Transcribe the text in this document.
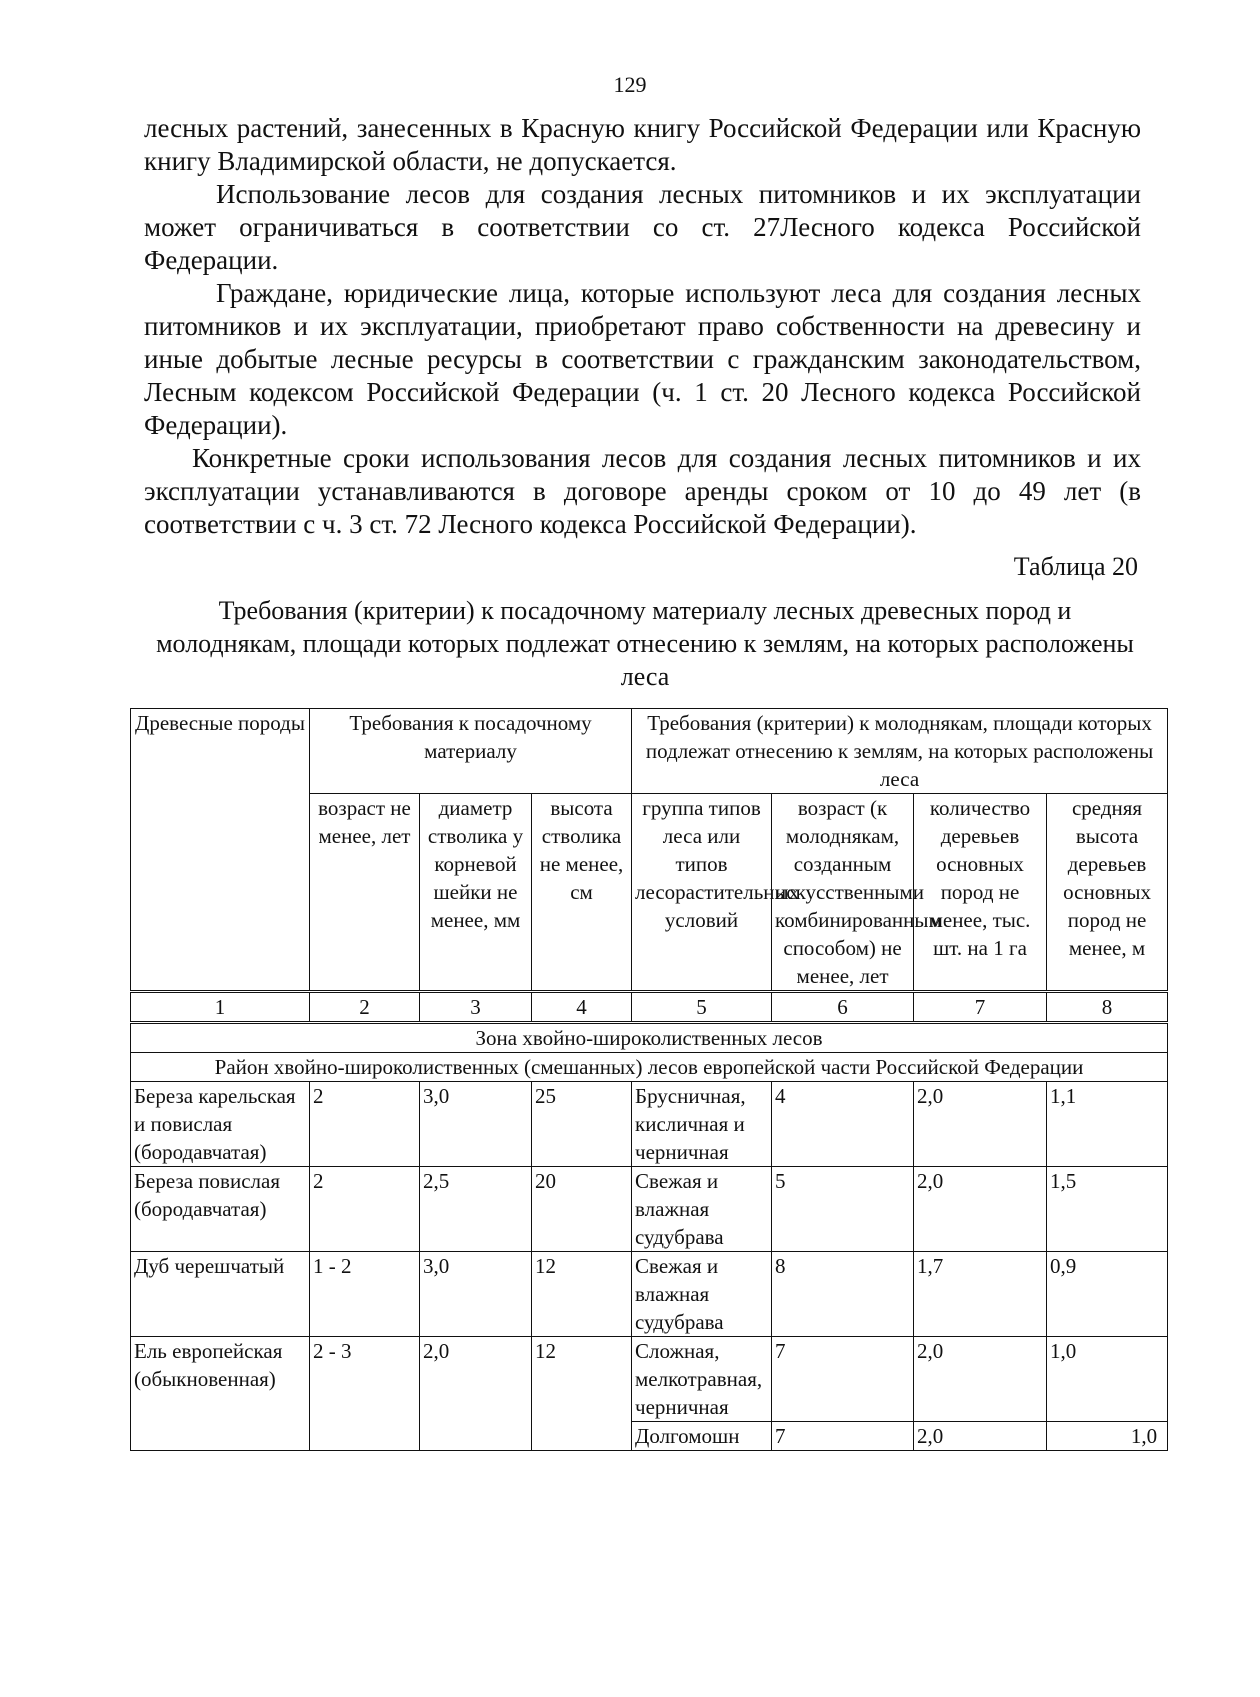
129

лесных растений, занесенных в Красную книгу Российской Федерации или Красную книгу Владимирской области, не допускается.

Использование лесов для создания лесных питомников и их эксплуатации может ограничиваться в соответствии со ст. 27Лесного кодекса Российской Федерации.

Граждане, юридические лица, которые используют леса для создания лесных питомников и их эксплуатации, приобретают право собственности на древесину и иные добытые лесные ресурсы в соответствии с гражданским законодательством, Лесным кодексом Российской Федерации (ч. 1 ст. 20 Лесного кодекса Российской Федерации).

Конкретные сроки использования лесов для создания лесных питомников и их эксплуатации устанавливаются в договоре аренды сроком от 10 до 49 лет (в соответствии с ч. 3 ст. 72 Лесного кодекса Российской Федерации).

Таблица 20
Требования (критерии) к посадочному материалу лесных древесных пород и молоднякам, площади которых подлежат отнесению к землям, на которых расположены леса
Древесные породы	Требования к посадочному материалу			Требования (критерии) к молоднякам, площади которых подлежат отнесению к землям, на которых расположены леса			
	возраст не менее, лет	диаметр стволика у корневой шейки не менее, мм	высота стволика не менее, см	группа типов леса или типов лесорастительных условий	возраст (к молоднякам, созданным искусственными комбинированным способом) не менее, лет	количество деревьев основных пород не менее, тыс. шт. на 1 га	средняя высота деревьев основных пород не менее, м
1	2	3	4	5	6	7	8
Зона хвойно-широколиственных лесов							
Район хвойно-широколиственных (смешанных) лесов европейской части Российской Федерации							
Береза карельская и повислая (бородавчатая)	2	3,0	25	Брусничная, кисличная и черничная	4	2,0	1,1
Береза повислая (бородавчатая)	2	2,5	20	Свежая и влажная судубрава	5	2,0	1,5
Дуб черешчатый	1 - 2	3,0	12	Свежая и влажная судубрава	8	1,7	0,9
Ель европейская (обыкновенная)	2 - 3	2,0	12	Сложная, мелкотравная, черничная	7	2,0	1,0
				Долгомошн	7	2,0	1,0
